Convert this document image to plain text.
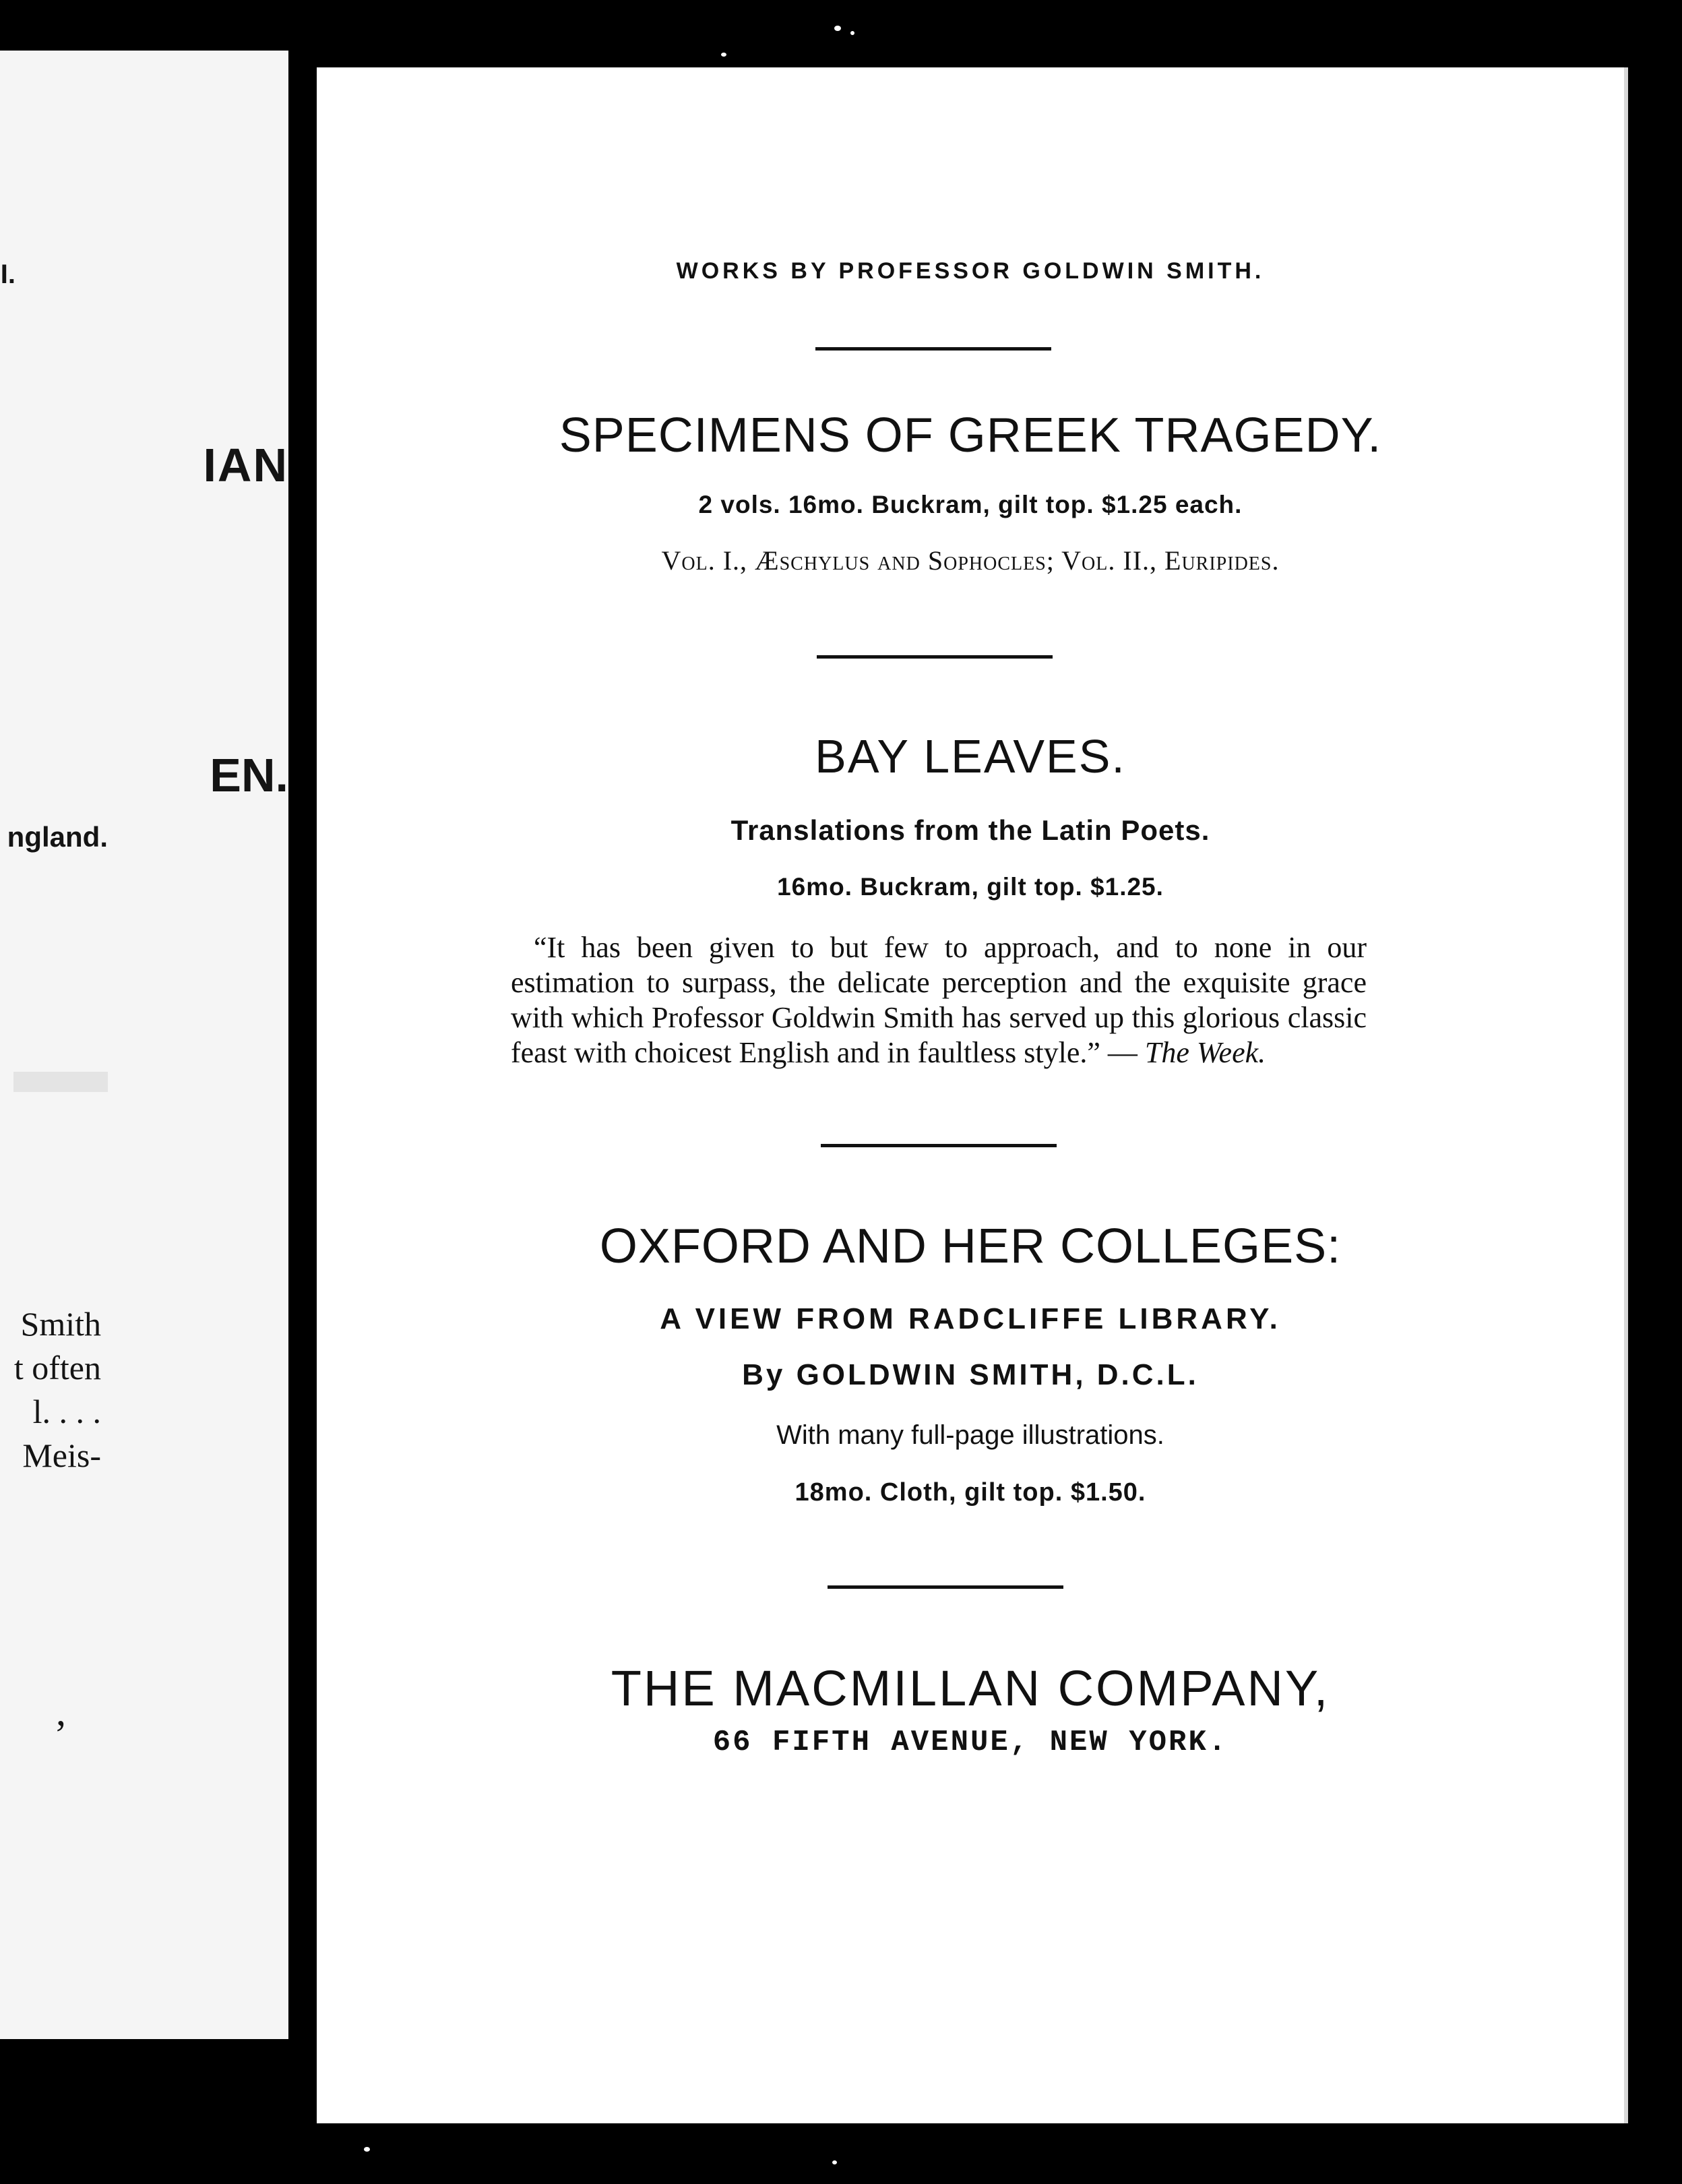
I.
IAN
EN.
ngland.
Smith
t often
l. . . .
Meis-
,
WORKS BY PROFESSOR GOLDWIN SMITH.
SPECIMENS OF GREEK TRAGEDY.
2 vols. 16mo. Buckram, gilt top. $1.25 each.
Vol. I., Æschylus and Sophocles; Vol. II., Euripides.
BAY LEAVES.
Translations from the Latin Poets.
16mo. Buckram, gilt top. $1.25.

“It has been given to but few to approach, and to none in our estimation to surpass, the delicate perception and the exquisite grace with which Professor Goldwin Smith has served up this glorious classic feast with choicest English and in faultless style.” — The Week.

OXFORD AND HER COLLEGES:
A VIEW FROM RADCLIFFE LIBRARY.
By GOLDWIN SMITH, D.C.L.
With many full-page illustrations.
18mo. Cloth, gilt top. $1.50.
THE MACMILLAN COMPANY,
66 FIFTH AVENUE, NEW YORK.
